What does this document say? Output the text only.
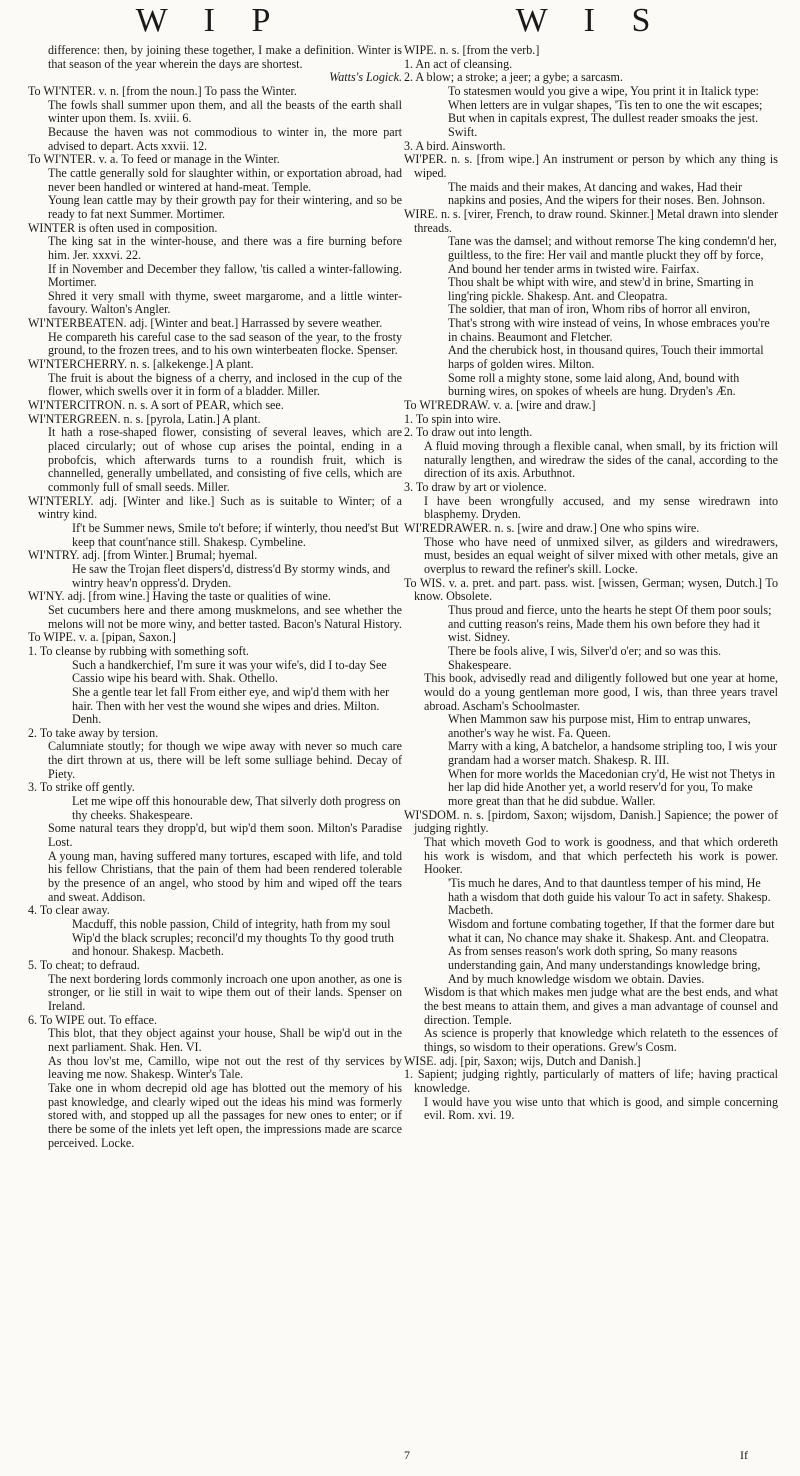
W I P	W I S

difference: then, by joining these together, I make a definition. Winter is that season of the year wherein the days are shortest.

Watts's Logick.

To WI'NTER. v. n. [from the noun.] To pass the Winter.

The fowls shall summer upon them, and all the beasts of the earth shall winter upon them. Is. xviii. 6.

Because the haven was not commodious to winter in, the more part advised to depart. Acts xxvii. 12.

To WI'NTER. v. a. To feed or manage in the Winter.

The cattle generally sold for slaughter within, or exportation abroad, had never been handled or wintered at hand-meat. Temple.

Young lean cattle may by their growth pay for their wintering, and so be ready to fat next Summer. Mortimer.

WINTER is often used in composition.

The king sat in the winter-house, and there was a fire burning before him. Jer. xxxvi. 22.

If in November and December they fallow, 'tis called a winter-fallowing. Mortimer.

Shred it very small with thyme, sweet margarome, and a little winter-favoury. Walton's Angler.

WI'NTERBEATEN. adj. [Winter and beat.] Harrassed by severe weather.

He compareth his careful case to the sad season of the year, to the frosty ground, to the frozen trees, and to his own winterbeaten flocke. Spenser.

WI'NTERCHERRY. n. s. [alkekenge.] A plant.

The fruit is about the bigness of a cherry, and inclosed in the cup of the flower, which swells over it in form of a bladder. Miller.

WI'NTERCITRON. n. s. A sort of PEAR, which see.

WI'NTERGREEN. n. s. [pyrola, Latin.] A plant.

It hath a rose-shaped flower, consisting of several leaves, which are placed circularly; out of whose cup arises the pointal, ending in a probofcis, which afterwards turns to a roundish fruit, which is channelled, generally umbellated, and consisting of five cells, which are commonly full of small seeds. Miller.

WI'NTERLY. adj. [Winter and like.] Such as is suitable to Winter; of a wintry kind.

If't be Summer news, Smile to't before; if winterly, thou need'st But keep that count'nance still. Shakesp. Cymbeline.

WI'NTRY. adj. [from Winter.] Brumal; hyemal.

He saw the Trojan fleet dispers'd, distress'd By stormy winds, and wintry heav'n oppress'd. Dryden.

WI'NY. adj. [from wine.] Having the taste or qualities of wine.

Set cucumbers here and there among muskmelons, and see whether the melons will not be more winy, and better tasted. Bacon's Natural History.

To WIPE. v. a. [pipan, Saxon.]

1. To cleanse by rubbing with something soft.

Such a handkerchief, I'm sure it was your wife's, did I to-day See Cassio wipe his beard with. Shak. Othello.

She a gentle tear let fall From either eye, and wip'd them with her hair. Then with her vest the wound she wipes and dries. Milton. Denh.

2. To take away by tersion.

Calumniate stoutly; for though we wipe away with never so much care the dirt thrown at us, there will be left some sulliage behind. Decay of Piety.

3. To strike off gently.

Let me wipe off this honourable dew, That silverly doth progress on thy cheeks. Shakespeare.

Some natural tears they dropp'd, but wip'd them soon. Milton's Paradise Lost.

A young man, having suffered many tortures, escaped with life, and told his fellow Christians, that the pain of them had been rendered tolerable by the presence of an angel, who stood by him and wiped off the tears and sweat. Addison.

4. To clear away.

Macduff, this noble passion, Child of integrity, hath from my soul Wip'd the black scruples; reconcil'd my thoughts To thy good truth and honour. Shakesp. Macbeth.

5. To cheat; to defraud.

The next bordering lords commonly incroach one upon another, as one is stronger, or lie still in wait to wipe them out of their lands. Spenser on Ireland.

6. To WIPE out. To efface.

This blot, that they object against your house, Shall be wip'd out in the next parliament. Shak. Hen. VI.

As thou lov'st me, Camillo, wipe not out the rest of thy services by leaving me now. Shakesp. Winter's Tale.

Take one in whom decrepid old age has blotted out the memory of his past knowledge, and clearly wiped out the ideas his mind was formerly stored with, and stopped up all the passages for new ones to enter; or if there be some of the inlets yet left open, the impressions made are scarce perceived. Locke.

WIPE. n. s. [from the verb.]

1. An act of cleansing.

2. A blow; a stroke; a jeer; a gybe; a sarcasm.

To statesmen would you give a wipe, You print it in Italick type: When letters are in vulgar shapes, 'Tis ten to one the wit escapes; But when in capitals exprest, The dullest reader smoaks the jest. Swift.

3. A bird. Ainsworth.

WI'PER. n. s. [from wipe.] An instrument or person by which any thing is wiped.

The maids and their makes, At dancing and wakes, Had their napkins and posies, And the wipers for their noses. Ben. Johnson.

WIRE. n. s. [virer, French, to draw round. Skinner.] Metal drawn into slender threads.

Tane was the damsel; and without remorse The king condemn'd her, guiltless, to the fire: Her vail and mantle pluckt they off by force, And bound her tender arms in twisted wire. Fairfax.

Thou shalt be whipt with wire, and stew'd in brine, Smarting in ling'ring pickle. Shakesp. Ant. and Cleopatra.

The soldier, that man of iron, Whom ribs of horror all environ, That's strong with wire instead of veins, In whose embraces you're in chains. Beaumont and Fletcher.

And the cherubick host, in thousand quires, Touch their immortal harps of golden wires. Milton.

Some roll a mighty stone, some laid along, And, bound with burning wires, on spokes of wheels are hung. Dryden's Æn.

To WI'REDRAW. v. a. [wire and draw.]

1. To spin into wire.

2. To draw out into length.

A fluid moving through a flexible canal, when small, by its friction will naturally lengthen, and wiredraw the sides of the canal, according to the direction of its axis. Arbuthnot.

3. To draw by art or violence.

I have been wrongfully accused, and my sense wiredrawn into blasphemy. Dryden.

WI'REDRAWER. n. s. [wire and draw.] One who spins wire.

Those who have need of unmixed silver, as gilders and wiredrawers, must, besides an equal weight of silver mixed with other metals, give an overplus to reward the refiner's skill. Locke.

To WIS. v. a. pret. and part. pass. wist. [wissen, German; wysen, Dutch.] To know. Obsolete.

Thus proud and fierce, unto the hearts he stept Of them poor souls; and cutting reason's reins, Made them his own before they had it wist. Sidney.

There be fools alive, I wis, Silver'd o'er; and so was this. Shakespeare.

This book, advisedly read and diligently followed but one year at home, would do a young gentleman more good, I wis, than three years travel abroad. Ascham's Schoolmaster.

When Mammon saw his purpose mist, Him to entrap unwares, another's way he wist. Fa. Queen.

Marry with a king, A batchelor, a handsome stripling too, I wis your grandam had a worser match. Shakesp. R. III.

When for more worlds the Macedonian cry'd, He wist not Thetys in her lap did hide Another yet, a world reserv'd for you, To make more great than that he did subdue. Waller.

WI'SDOM. n. s. [pirdom, Saxon; wijsdom, Danish.] Sapience; the power of judging rightly.

That which moveth God to work is goodness, and that which ordereth his work is wisdom, and that which perfecteth his work is power. Hooker.

'Tis much he dares, And to that dauntless temper of his mind, He hath a wisdom that doth guide his valour To act in safety. Shakesp. Macbeth.

Wisdom and fortune combating together, If that the former dare but what it can, No chance may shake it. Shakesp. Ant. and Cleopatra.

As from senses reason's work doth spring, So many reasons understanding gain, And many understandings knowledge bring, And by much knowledge wisdom we obtain. Davies.

Wisdom is that which makes men judge what are the best ends, and what the best means to attain them, and gives a man advantage of counsel and direction. Temple.

As science is properly that knowledge which relateth to the essences of things, so wisdom to their operations. Grew's Cosm.

WISE. adj. [pir, Saxon; wijs, Dutch and Danish.]

1. Sapient; judging rightly, particularly of matters of life; having practical knowledge.

I would have you wise unto that which is good, and simple concerning evil. Rom. xvi. 19.

7	If
